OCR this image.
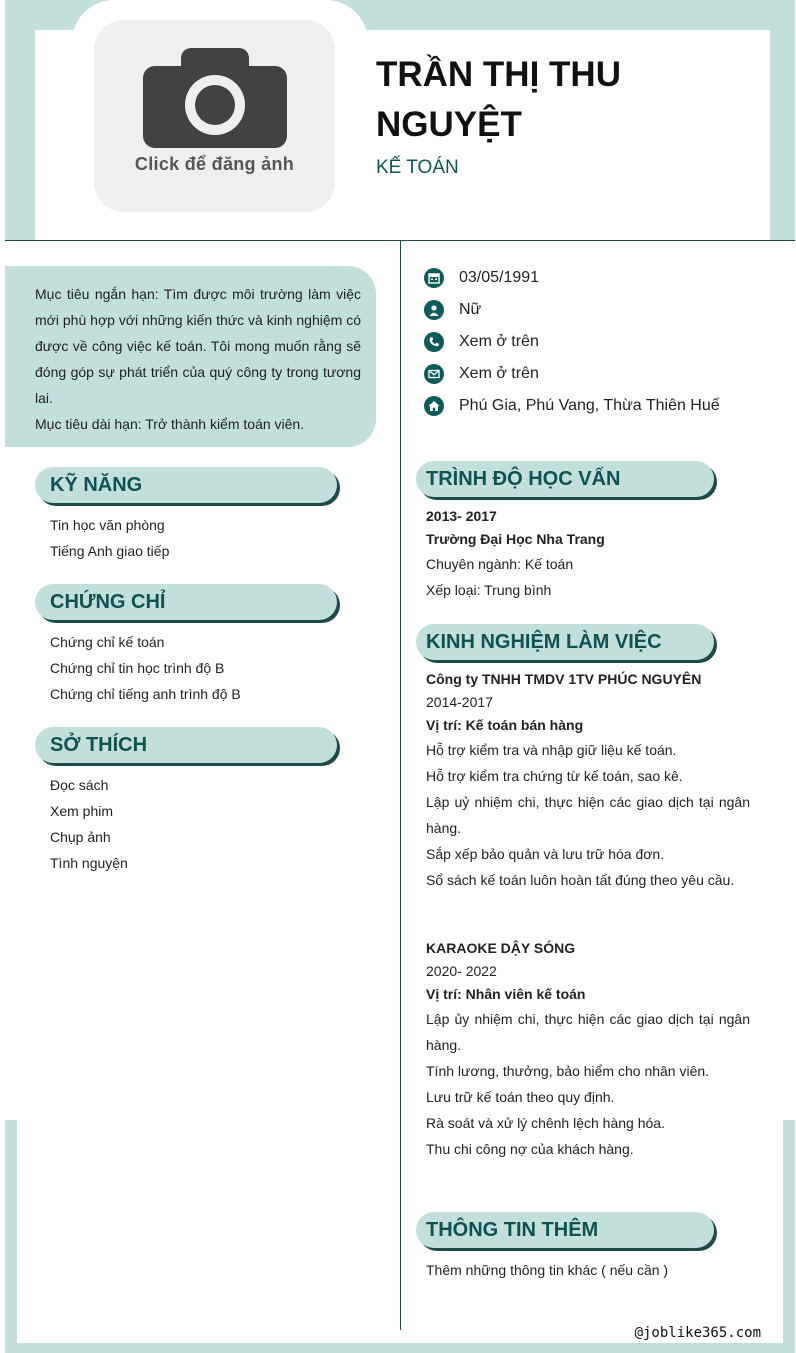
Click để đăng ảnh
TRẦN THỊ THU NGUYỆT
KẾ TOÁN
Mục tiêu ngắn hạn: Tìm được môi trường làm việc mới phù hợp với những kiến thức và kinh nghiệm có được về công việc kế toán. Tôi mong muốn rằng sẽ đóng góp sự phát triển của quý công ty trong tương lai.
Mục tiêu dài hạn: Trở thành kiểm toán viên.
KỸ NĂNG
Tin học văn phòng
Tiếng Anh giao tiếp
CHỨNG CHỈ
Chứng chỉ kế toán
Chứng chỉ tin học trình độ B
Chứng chỉ tiếng anh trình độ B
SỞ THÍCH
Đọc sách
Xem phim
Chụp ảnh
Tình nguyện
03/05/1991
Nữ
Xem ở trên
Xem ở trên
Phú Gia, Phú Vang, Thừa Thiên Huế
TRÌNH ĐỘ HỌC VẤN
2013- 2017
Trường Đại Học Nha Trang
Chuyên ngành: Kế toán
Xếp loại: Trung bình
KINH NGHIỆM LÀM VIỆC
Công ty TNHH TMDV 1TV PHÚC NGUYÊN
2014-2017
Vị trí: Kế toán bán hàng
Hỗ trợ kiểm tra và nhập giữ liệu kế toán.
Hỗ trợ kiểm tra chứng từ kế toán, sao kê.
Lập uỷ nhiệm chi, thực hiện các giao dịch tại ngân hàng.
Sắp xếp bảo quản và lưu trữ hóa đơn.
Sổ sách kế toán luôn hoàn tất đúng theo yêu cầu.
KARAOKE DẬY SÓNG
2020- 2022
Vị trí: Nhân viên kế toán
Lập ủy nhiệm chi, thực hiện các giao dịch tại ngân hàng.
Tính lương, thưởng, bảo hiểm cho nhân viên.
Lưu trữ kế toán theo quy định.
Rà soát và xử lý chênh lệch hàng hóa.
Thu chi công nợ của khách hàng.
THÔNG TIN THÊM
Thêm những thông tin khác ( nếu cần )
@joblike365.com
